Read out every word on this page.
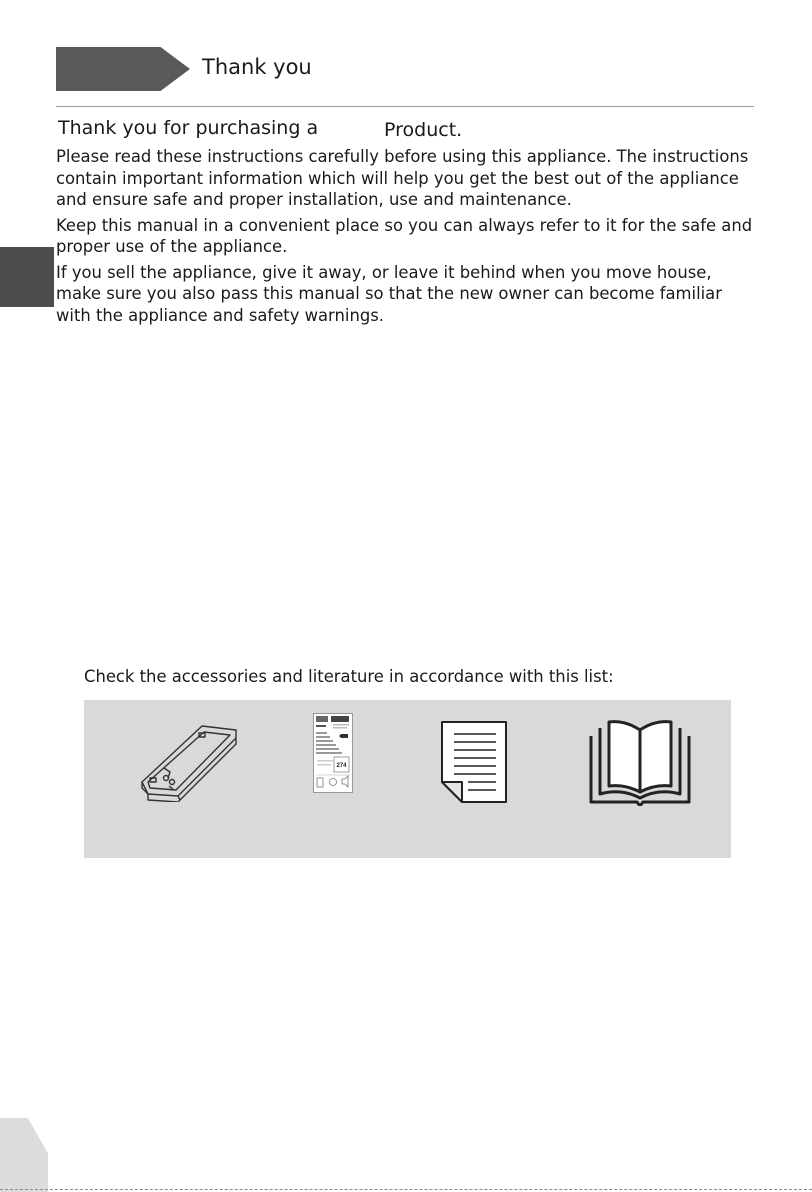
Thank you
Thank you for purchasing a	Product.

Please read these instructions carefully before using this appliance. The instructions contain important information which will help you get the best out of the appliance and ensure safe and proper installation, use and maintenance.

Keep this manual in a convenient place so you can always refer to it for the safe and proper use of the appliance.

If you sell the appliance, give it away, or leave it behind when you move house, make sure you also pass this manual so that the new owner can become familiar with the appliance and safety warnings.

Check the accessories and literature in accordance with this list:
274
